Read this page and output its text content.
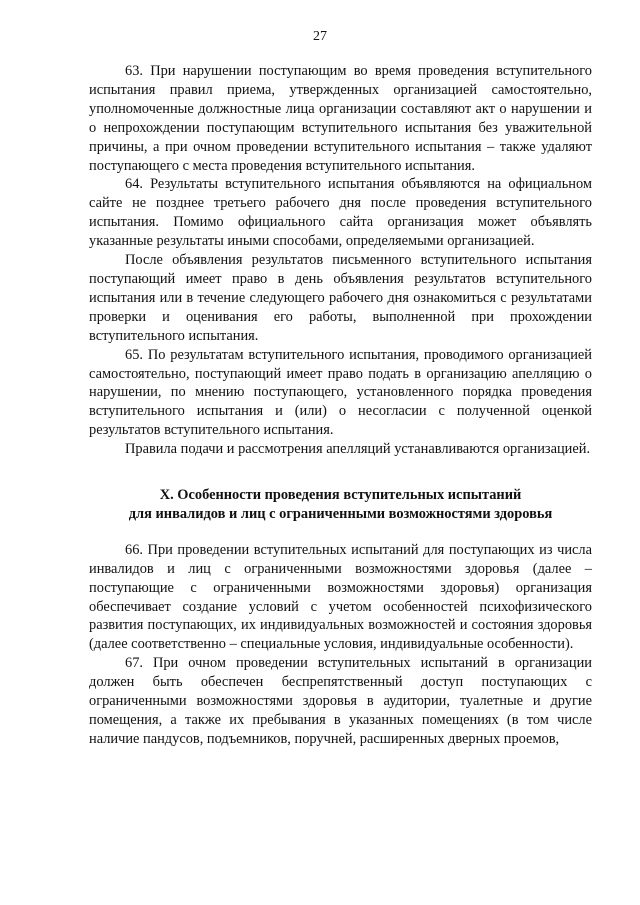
27

63. При нарушении поступающим во время проведения вступительного испытания правил приема, утвержденных организацией самостоятельно, уполномоченные должностные лица организации составляют акт о нарушении и о непрохождении поступающим вступительного испытания без уважительной причины, а при очном проведении вступительного испытания – также удаляют поступающего с места проведения вступительного испытания.

64. Результаты вступительного испытания объявляются на официальном сайте не позднее третьего рабочего дня после проведения вступительного испытания. Помимо официального сайта организация может объявлять указанные результаты иными способами, определяемыми организацией.

После объявления результатов письменного вступительного испытания поступающий имеет право в день объявления результатов вступительного испытания или в течение следующего рабочего дня ознакомиться с результатами проверки и оценивания его работы, выполненной при прохождении вступительного испытания.

65. По результатам вступительного испытания, проводимого организацией самостоятельно, поступающий имеет право подать в организацию апелляцию о нарушении, по мнению поступающего, установленного порядка проведения вступительного испытания и (или) о несогласии с полученной оценкой результатов вступительного испытания.

Правила подачи и рассмотрения апелляций устанавливаются организацией.

X. Особенности проведения вступительных испытаний
для инвалидов и лиц с ограниченными возможностями здоровья

66. При проведении вступительных испытаний для поступающих из числа инвалидов и лиц с ограниченными возможностями здоровья (далее – поступающие с ограниченными возможностями здоровья) организация обеспечивает создание условий с учетом особенностей психофизического развития поступающих, их индивидуальных возможностей и состояния здоровья (далее соответственно – специальные условия, индивидуальные особенности).

67. При очном проведении вступительных испытаний в организации должен быть обеспечен беспрепятственный доступ поступающих с ограниченными возможностями здоровья в аудитории, туалетные и другие помещения, а также их пребывания в указанных помещениях (в том числе наличие пандусов, подъемников, поручней, расширенных дверных проемов,
